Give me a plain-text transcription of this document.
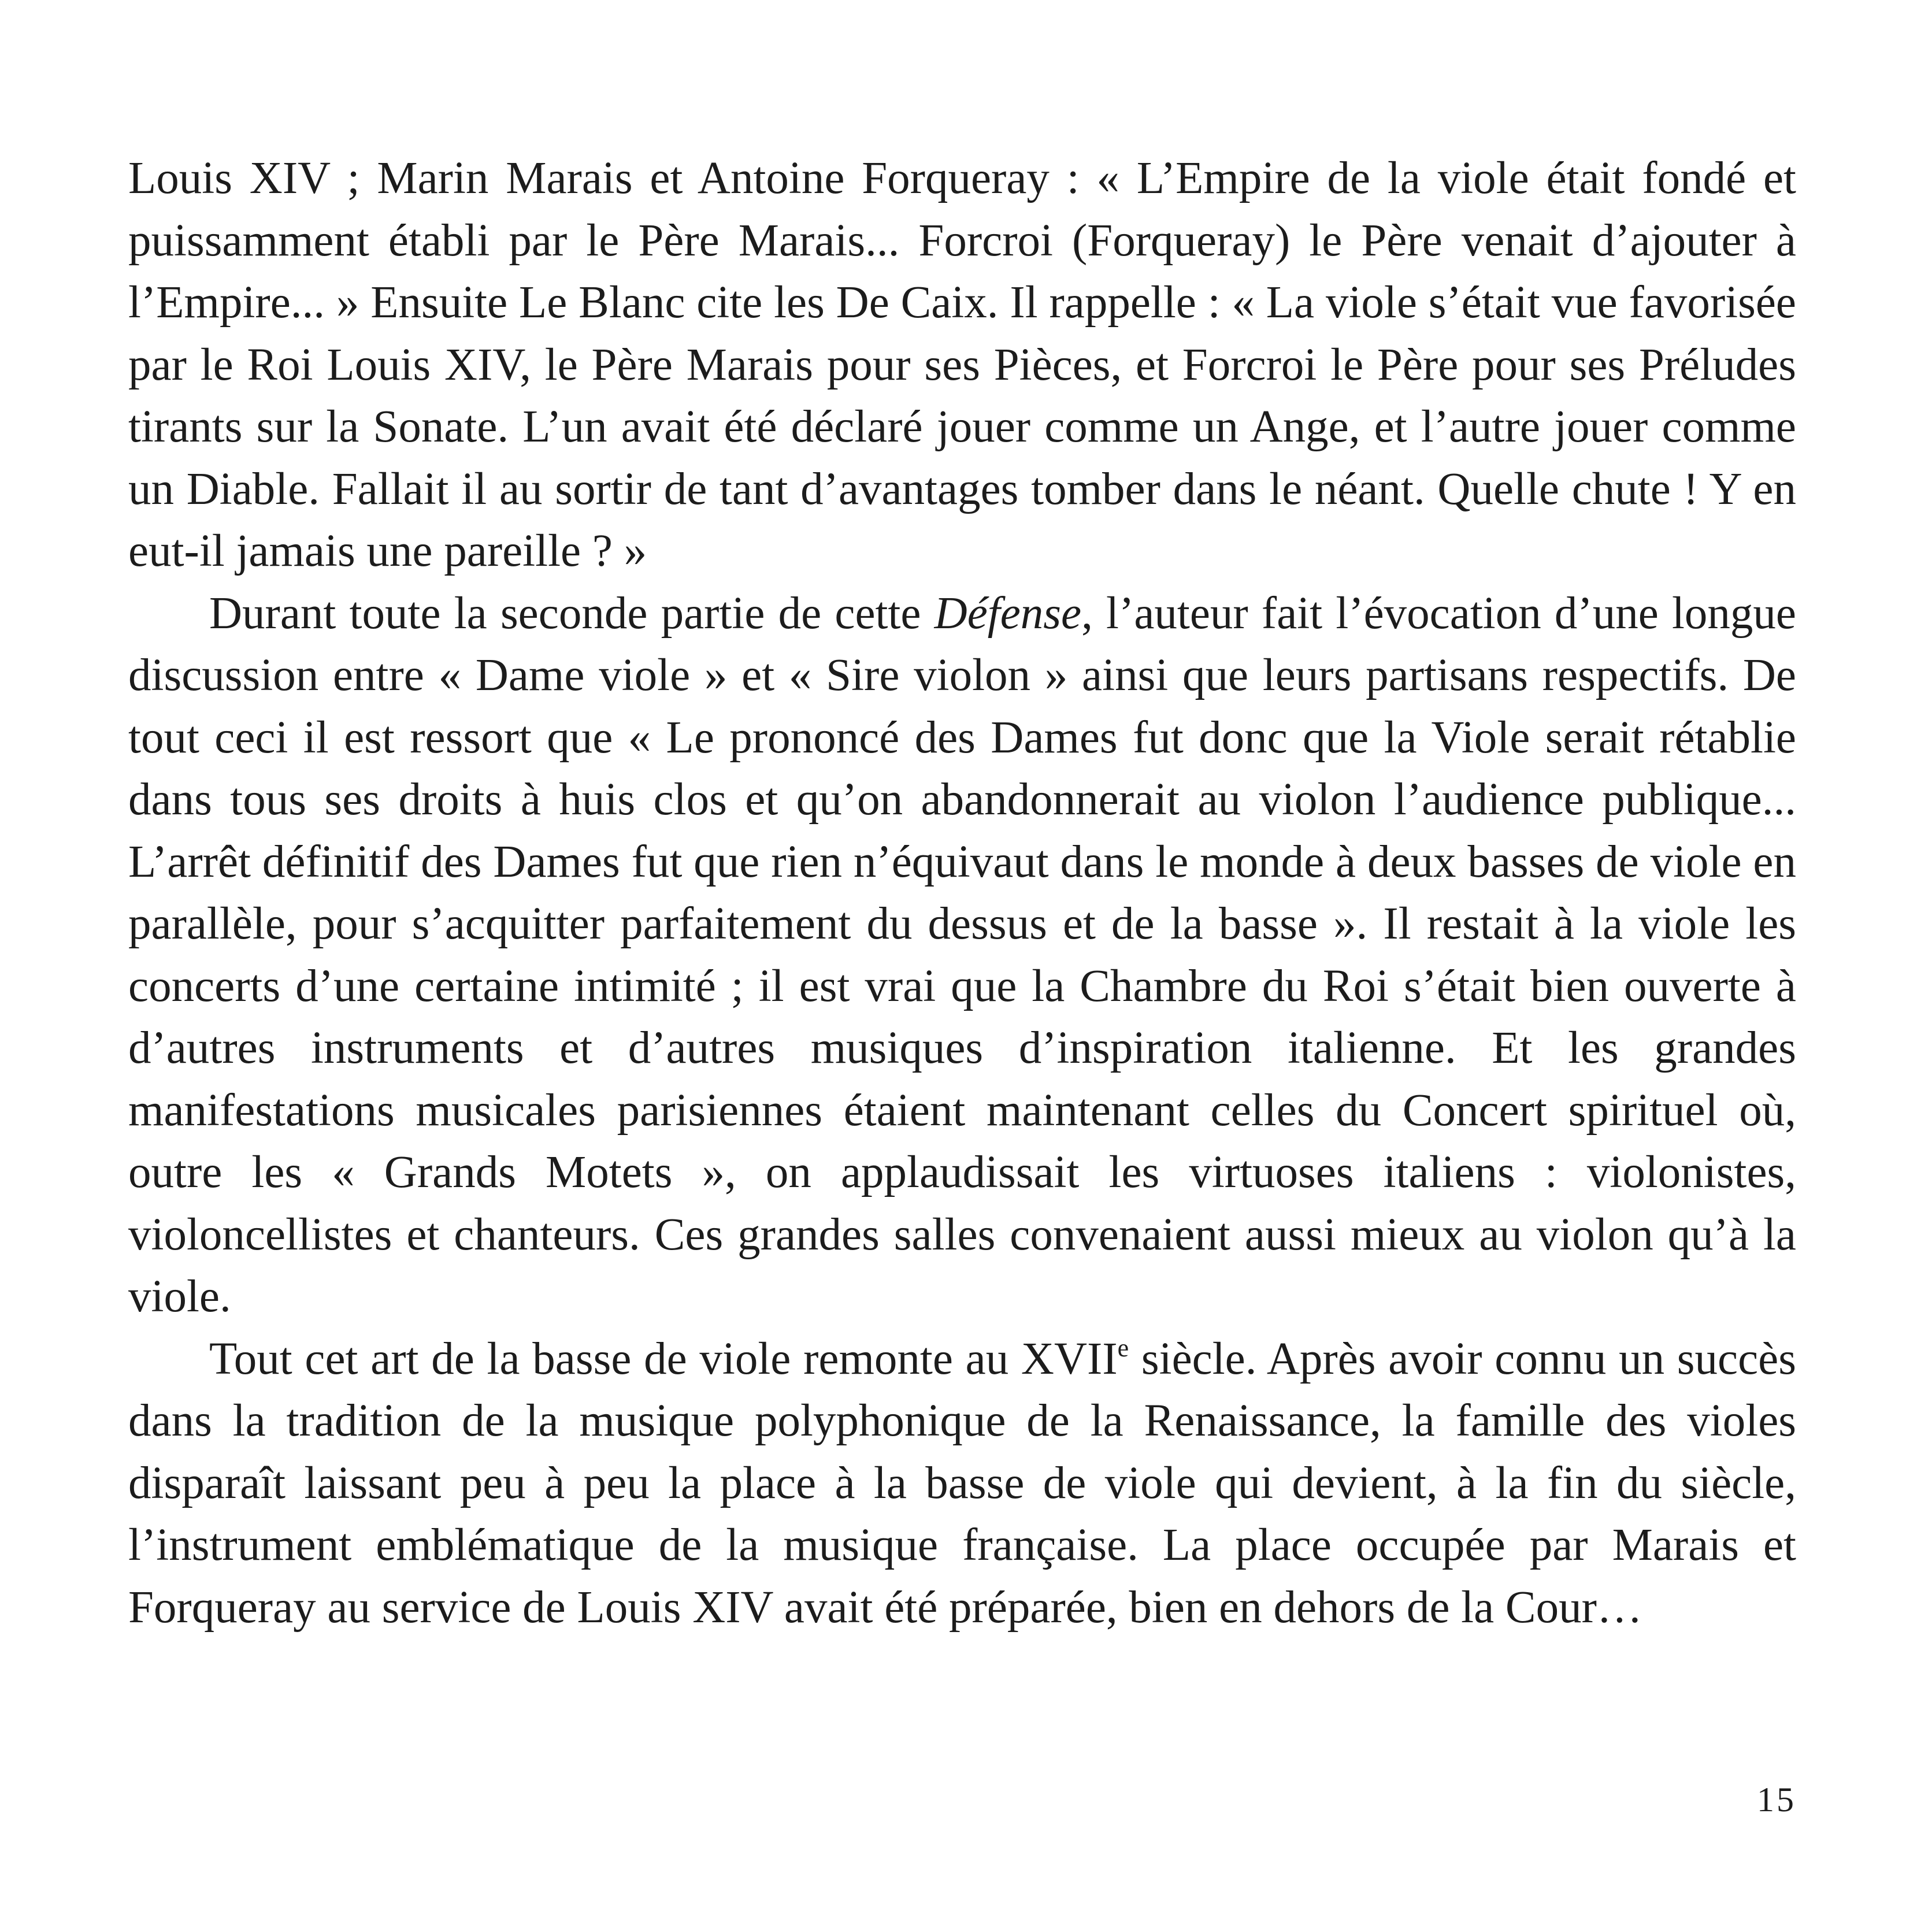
Louis XIV ; Marin Marais et Antoine Forqueray : « L’Empire de la viole était fondé et puissamment établi par le Père Marais... Forcroi (Forqueray) le Père venait d’ajouter à l’Empire... » Ensuite Le Blanc cite les De Caix. Il rappelle : « La viole s’était vue favorisée par le Roi Louis XIV, le Père Marais pour ses Pièces, et Forcroi le Père pour ses Préludes tirants sur la Sonate. L’un avait été déclaré jouer comme un Ange, et l’autre jouer comme un Diable. Fallait il au sortir de tant d’avantages tomber dans le néant. Quelle chute ! Y en eut-il jamais une pareille ? »

Durant toute la seconde partie de cette Défense, l’auteur fait l’évocation d’une longue discussion entre « Dame viole » et « Sire violon » ainsi que leurs partisans respectifs. De tout ceci il est ressort que « Le prononcé des Dames fut donc que la Viole serait rétablie dans tous ses droits à huis clos et qu’on abandonnerait au violon l’audience publique... L’arrêt définitif des Dames fut que rien n’équivaut dans le monde à deux basses de viole en parallèle, pour s’acquitter parfaitement du dessus et de la basse ». Il restait à la viole les concerts d’une certaine intimité ; il est vrai que la Chambre du Roi s’était bien ouverte à d’autres instruments et d’autres musiques d’inspiration italienne. Et les grandes manifestations musicales parisiennes étaient maintenant celles du Concert spirituel où, outre les « Grands Motets », on applaudissait les virtuoses italiens : violonistes, violoncellistes et chanteurs. Ces grandes salles convenaient aussi mieux au violon qu’à la viole.

Tout cet art de la basse de viole remonte au XVIIe siècle. Après avoir connu un succès dans la tradition de la musique polyphonique de la Renaissance, la famille des violes disparaît laissant peu à peu la place à la basse de viole qui devient, à la fin du siècle, l’instrument emblématique de la musique française. La place occupée par Marais et Forqueray au service de Louis XIV avait été préparée, bien en dehors de la Cour…

15
